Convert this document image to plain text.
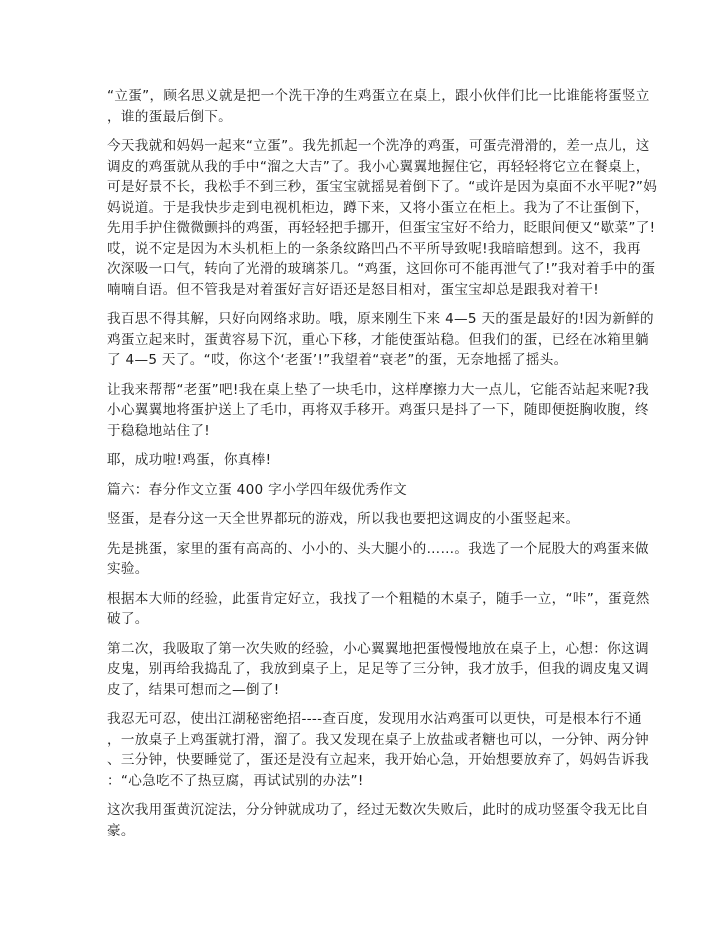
“立蛋”，顾名思义就是把一个洗干净的生鸡蛋立在桌上，跟小伙伴们比一比谁能将蛋竖立
，谁的蛋最后倒下。
今天我就和妈妈一起来“立蛋”。我先抓起一个洗净的鸡蛋，可蛋壳滑滑的，差一点儿，这
调皮的鸡蛋就从我的手中“溜之大吉”了。我小心翼翼地握住它，再轻轻将它立在餐桌上，
可是好景不长，我松手不到三秒，蛋宝宝就摇晃着倒下了。“或许是因为桌面不水平呢?”妈
妈说道。于是我快步走到电视机柜边，蹲下来，又将小蛋立在柜上。我为了不让蛋倒下，
先用手护住微微颤抖的鸡蛋，再轻轻把手挪开，但蛋宝宝好不给力，眨眼间便又“歇菜”了!
哎，说不定是因为木头机柜上的一条条纹路凹凸不平所导致呢!我暗暗想到。这不，我再
次深吸一口气，转向了光滑的玻璃茶几。“鸡蛋，这回你可不能再泄气了!”我对着手中的蛋
喃喃自语。但不管我是对着蛋好言好语还是怒目相对，蛋宝宝却总是跟我对着干!
我百思不得其解，只好向网络求助。哦，原来刚生下来 4—5 天的蛋是最好的!因为新鲜的
鸡蛋立起来时，蛋黄容易下沉，重心下移，才能使蛋站稳。但我们的蛋，已经在冰箱里躺
了 4—5 天了。“哎，你这个‘老蛋’!”我望着“衰老”的蛋，无奈地摇了摇头。
让我来帮帮“老蛋”吧!我在桌上垫了一块毛巾，这样摩擦力大一点儿，它能否站起来呢?我
小心翼翼地将蛋护送上了毛巾，再将双手移开。鸡蛋只是抖了一下，随即便挺胸收腹，终
于稳稳地站住了!
耶，成功啦!鸡蛋，你真棒!
篇六：春分作文立蛋 400 字小学四年级优秀作文
竖蛋，是春分这一天全世界都玩的游戏，所以我也要把这调皮的小蛋竖起来。
先是挑蛋，家里的蛋有高高的、小小的、头大腿小的……。我选了一个屁股大的鸡蛋来做
实验。
根据本大师的经验，此蛋肯定好立，我找了一个粗糙的木桌子，随手一立，“咔”，蛋竟然
破了。
第二次，我吸取了第一次失败的经验，小心翼翼地把蛋慢慢地放在桌子上，心想：你这调
皮鬼，别再给我捣乱了，我放到桌子上，足足等了三分钟，我才放手，但我的调皮鬼又调
皮了，结果可想而之—倒了!
我忍无可忍，使出江湖秘密绝招----查百度，发现用水沾鸡蛋可以更快，可是根本行不通
，一放桌子上鸡蛋就打滑，溜了。我又发现在桌子上放盐或者糖也可以，一分钟、两分钟
、三分钟，快要睡觉了，蛋还是没有立起来，我开始心急，开始想要放弃了，妈妈告诉我
：“心急吃不了热豆腐，再试试别的办法”!
这次我用蛋黄沉淀法，分分钟就成功了，经过无数次失败后，此时的成功竖蛋令我无比自
豪。
